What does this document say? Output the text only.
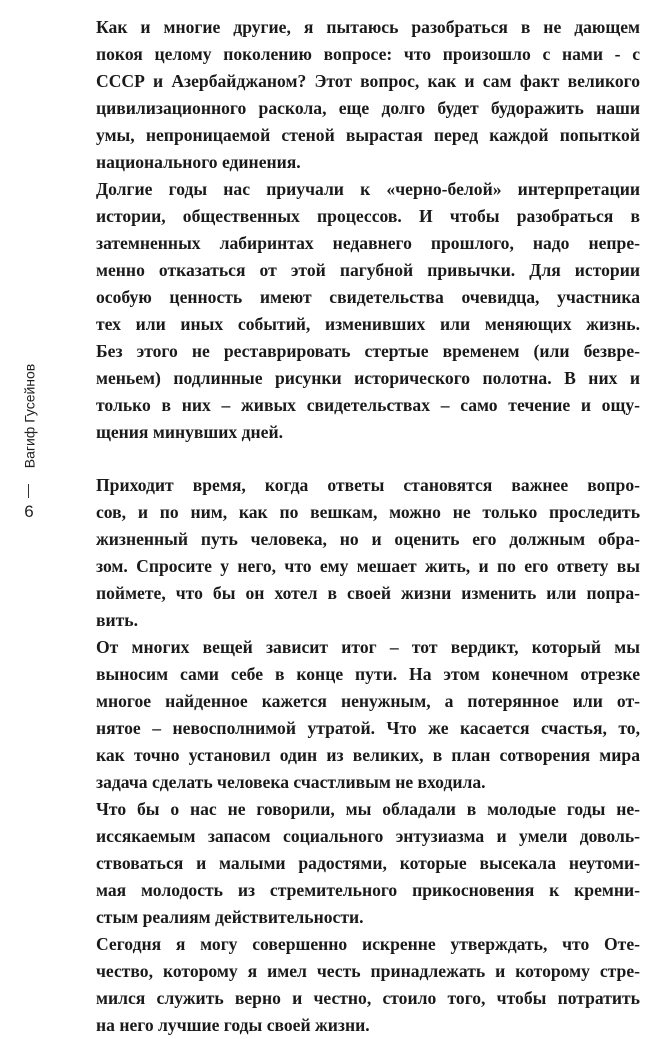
Вагиф Гусейнов
6

Как и многие другие, я пытаюсь разобраться в не дающем
покоя целому поколению вопросе: что произошло с нами - с
СССР и Азербайджаном? Этот вопрос, как и сам факт великого
цивилизационного раскола, еще долго будет будоражить наши
умы, непроницаемой стеной вырастая перед каждой попыткой
национального единения.

Долгие годы нас приучали к «черно-белой» интерпретации
истории, общественных процессов. И чтобы разобраться в
затемненных лабиринтах недавнего прошлого, надо непре-
менно отказаться от этой пагубной привычки. Для истории
особую ценность имеют свидетельства очевидца, участника
тех или иных событий, изменивших или меняющих жизнь.
Без этого не реставрировать стертые временем (или безвре-
меньем) подлинные рисунки исторического полотна. В них и
только в них – живых свидетельствах – само течение и ощу-
щения минувших дней.

Приходит время, когда ответы становятся важнее вопро-
сов, и по ним, как по вешкам, можно не только проследить
жизненный путь человека, но и оценить его должным обра-
зом. Спросите у него, что ему мешает жить, и по его ответу вы
поймете, что бы он хотел в своей жизни изменить или попра-
вить.

От многих вещей зависит итог – тот вердикт, который мы
выносим сами себе в конце пути. На этом конечном отрезке
многое найденное кажется ненужным, а потерянное или от-
нятое – невосполнимой утратой. Что же касается счастья, то,
как точно установил один из великих, в план сотворения мира
задача сделать человека счастливым не входила.

Что бы о нас не говорили, мы обладали в молодые годы не-
иссякаемым запасом социального энтузиазма и умели доволь-
ствоваться и малыми радостями, которые высекала неутоми-
мая молодость из стремительного прикосновения к кремни-
стым реалиям действительности.

Сегодня я могу совершенно искренне утверждать, что Оте-
чество, которому я имел честь принадлежать и которому стре-
мился служить верно и честно, стоило того, чтобы потратить
на него лучшие годы своей жизни.
